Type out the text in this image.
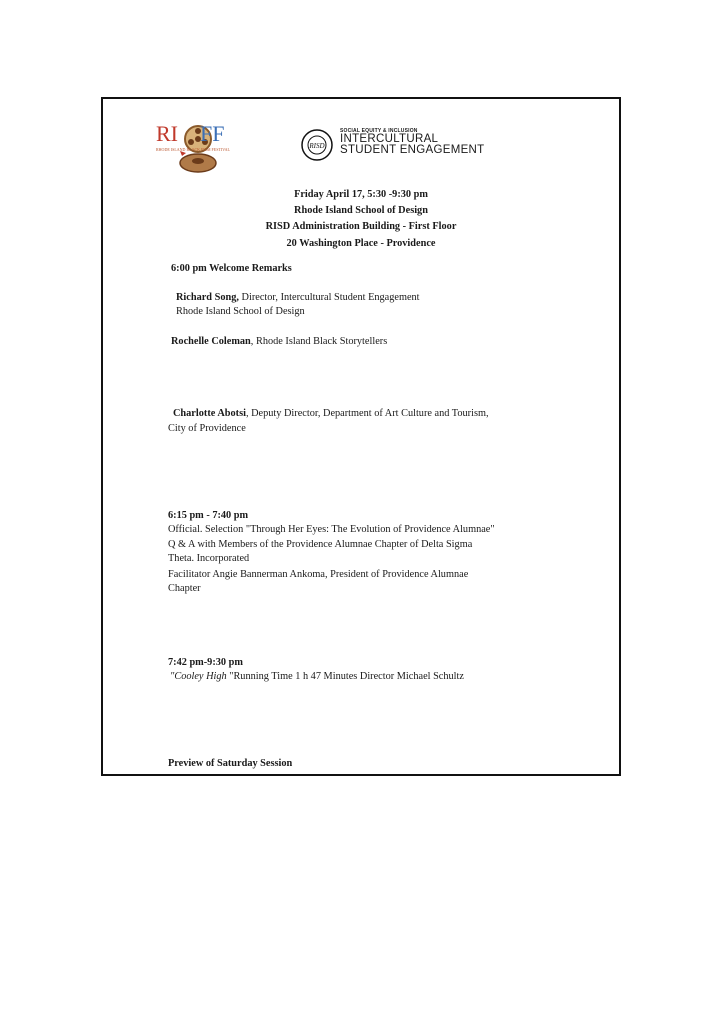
RI FF
RHODE ISLAND BLACK FILM FESTIVAL	RISD
SOCIAL EQUITY & INCLUSION
INTERCULTURAL
STUDENT ENGAGEMENT
Friday April 17, 5:30 -9:30 pm
Rhode Island School of Design
RISD Administration Building - First Floor
20 Washington Place - Providence
6:00 pm Welcome Remarks
Richard Song, Director, Intercultural Student Engagement
Rhode Island School of Design
Rochelle Coleman, Rhode Island Black Storytellers
Charlotte Abotsi, Deputy Director, Department of Art Culture and Tourism,
City of Providence
6:15 pm - 7:40 pm
Official. Selection "Through Her Eyes: The Evolution of Providence Alumnae"
Q & A with Members of the Providence Alumnae Chapter of Delta Sigma
Theta. Incorporated
Facilitator Angie Bannerman Ankoma, President of Providence Alumnae
Chapter
7:42 pm-9:30 pm
"Cooley High "Running Time 1 h 47 Minutes Director Michael Schultz
Preview of Saturday Session
